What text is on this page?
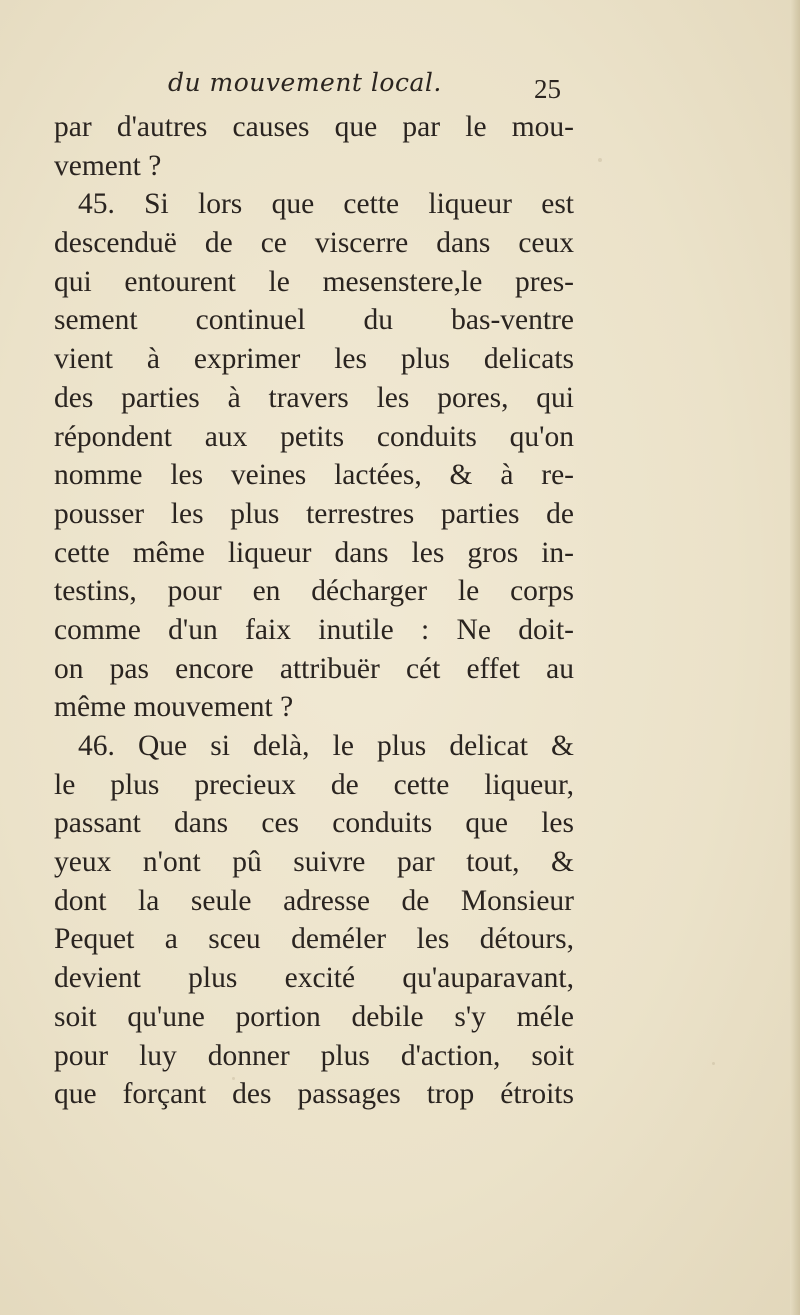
du mouvement local.	25
par d'autres causes que par le mou-
vement ?
45. Si lors que cette liqueur est
descenduë de ce viscerre dans ceux
qui entourent le mesenstere,le pres-
sement continuel du bas-ventre
vient à exprimer les plus delicats
des parties à travers les pores, qui
répondent aux petits conduits qu'on
nomme les veines lactées, & à re-
pousser les plus terrestres parties de
cette même liqueur dans les gros in-
testins, pour en décharger le corps
comme d'un faix inutile : Ne doit-
on pas encore attribuër cét effet au
même mouvement ?
46. Que si delà, le plus delicat &
le plus precieux de cette liqueur,
passant dans ces conduits que les
yeux n'ont pû suivre par tout, &
dont la seule adresse de Monsieur
Pequet a sceu deméler les détours,
devient plus excité qu'auparavant,
soit qu'une portion debile s'y méle
pour luy donner plus d'action, soit
que forçant des passages trop étroits
